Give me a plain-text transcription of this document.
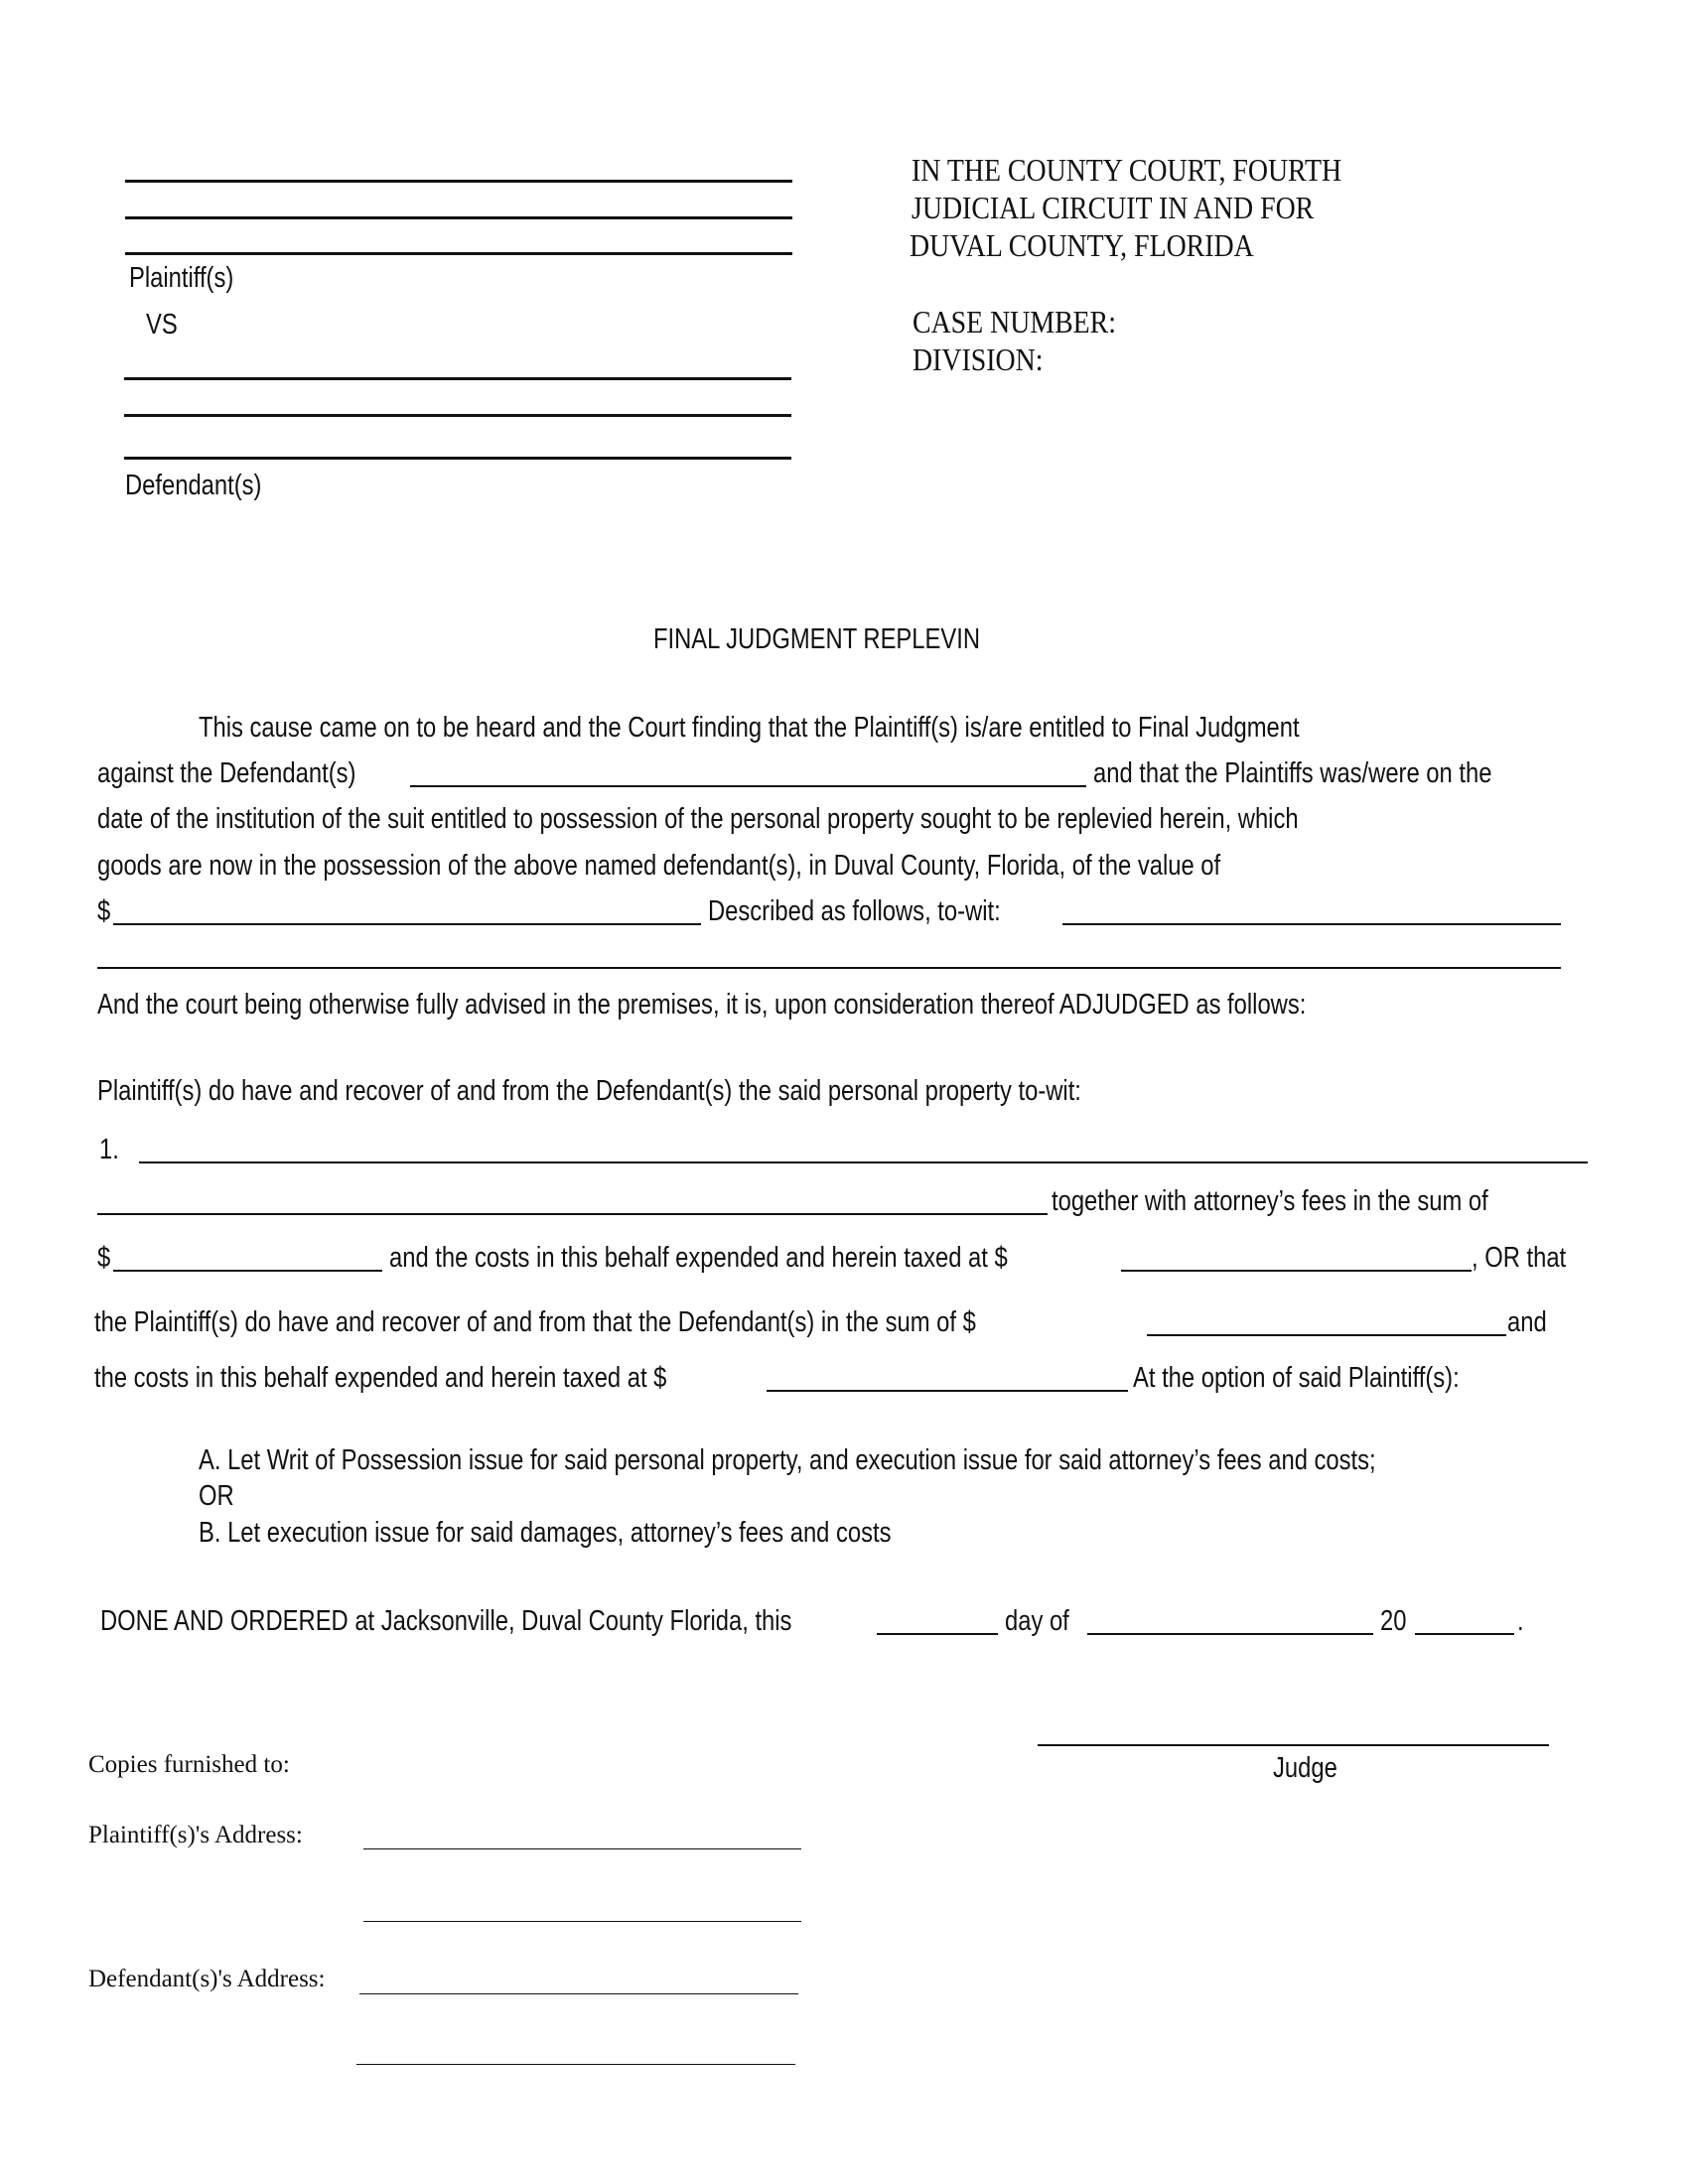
Plaintiff(s)
VS
Defendant(s)
IN THE COUNTY COURT, FOURTH
JUDICIAL CIRCUIT IN AND FOR
DUVAL COUNTY, FLORIDA
CASE NUMBER:
DIVISION:
FINAL JUDGMENT REPLEVIN
This cause came on to be heard and the Court finding that the Plaintiff(s) is/are entitled to Final Judgment
against the Defendant(s)	and that the Plaintiffs was/were on the
date of the institution of the suit entitled to possession of the personal property sought to be replevied herein, which
goods are now in the possession of the above named defendant(s), in Duval County, Florida, of the value of
$	Described as follows, to-wit:
And the court being otherwise fully advised in the premises, it is, upon consideration thereof ADJUDGED as follows:
Plaintiff(s) do have and recover of and from the Defendant(s) the said personal property to-wit:
1.
together with attorney’s fees in the sum of
$	and the costs in this behalf expended and herein taxed at $	, OR that
the Plaintiff(s) do have and recover of and from that the Defendant(s) in the sum of $	and
the costs in this behalf expended and herein taxed at $	At the option of said Plaintiff(s):
A. Let Writ of Possession issue for said personal property, and execution issue for said attorney’s fees and costs;
OR
B. Let execution issue for said damages, attorney’s fees and costs
DONE AND ORDERED at Jacksonville, Duval County Florida, this	day of	20	.
Judge
Copies furnished to:
Plaintiff(s)'s Address:
Defendant(s)'s Address:
